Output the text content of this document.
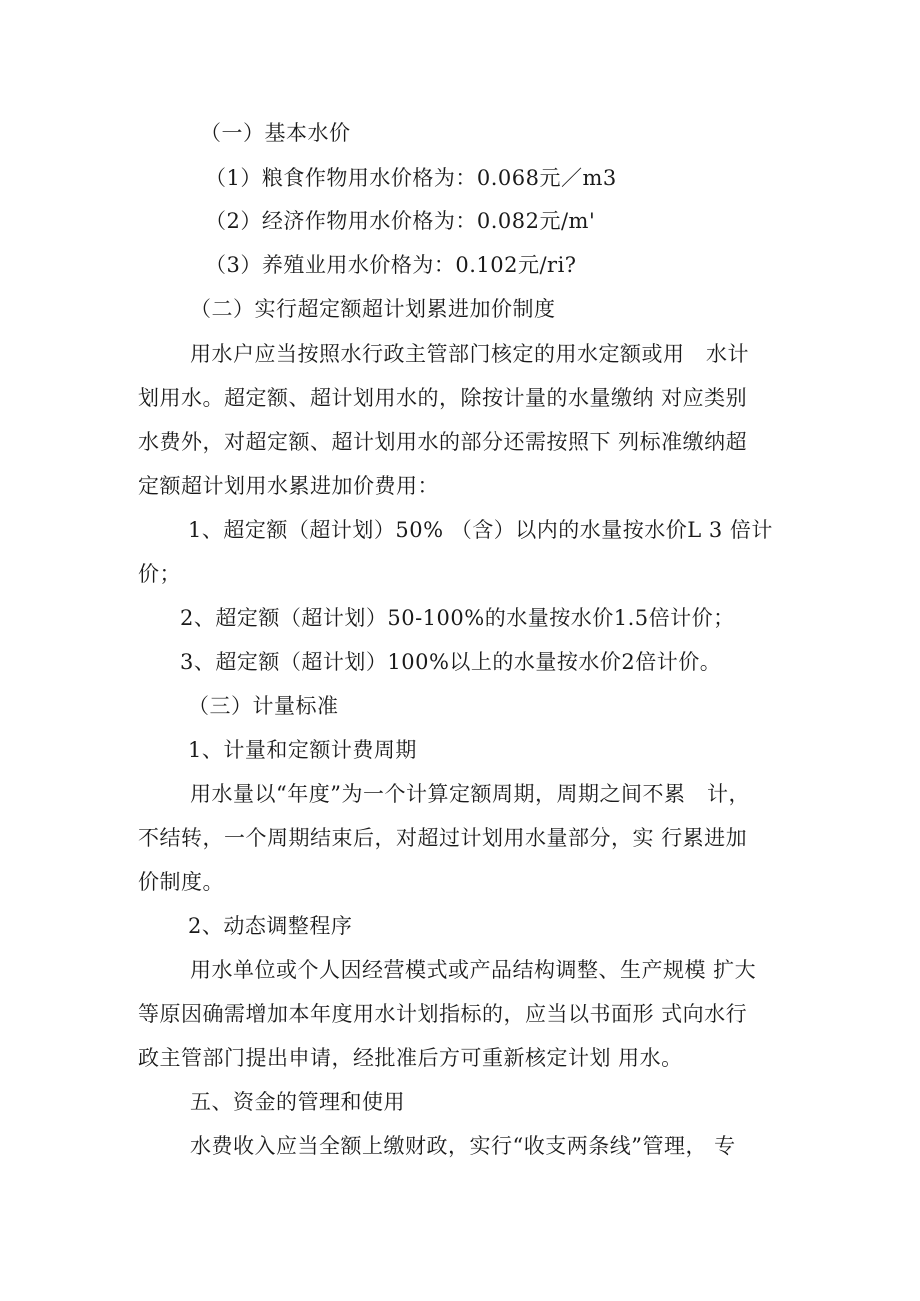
（一）基本水价
（1）粮食作物用水价格为：0.068元／m3
（2）经济作物用水价格为：0.082元/m'
（3）养殖业用水价格为：0.102元/ri?
（二）实行超定额超计划累进加价制度
用水户应当按照水行政主管部门核定的用水定额或用　水计
划用水。超定额、超计划用水的，除按计量的水量缴纳 对应类别
水费外，对超定额、超计划用水的部分还需按照下 列标准缴纳超
定额超计划用水累进加价费用：
1、超定额（超计划）50% （含）以内的水量按水价L 3 倍计
价；
2、超定额（超计划）50-100%的水量按水价1.5倍计价；
3、超定额（超计划）100%以上的水量按水价2倍计价。
（三）计量标准
1、计量和定额计费周期
用水量以“年度”为一个计算定额周期，周期之间不累　计，
不结转，一个周期结束后，对超过计划用水量部分，实 行累进加
价制度。
2、动态调整程序
用水单位或个人因经营模式或产品结构调整、生产规模 扩大
等原因确需增加本年度用水计划指标的，应当以书面形 式向水行
政主管部门提出申请，经批准后方可重新核定计划 用水。
五、资金的管理和使用
水费收入应当全额上缴财政，实行“收支两条线”管理， 专
